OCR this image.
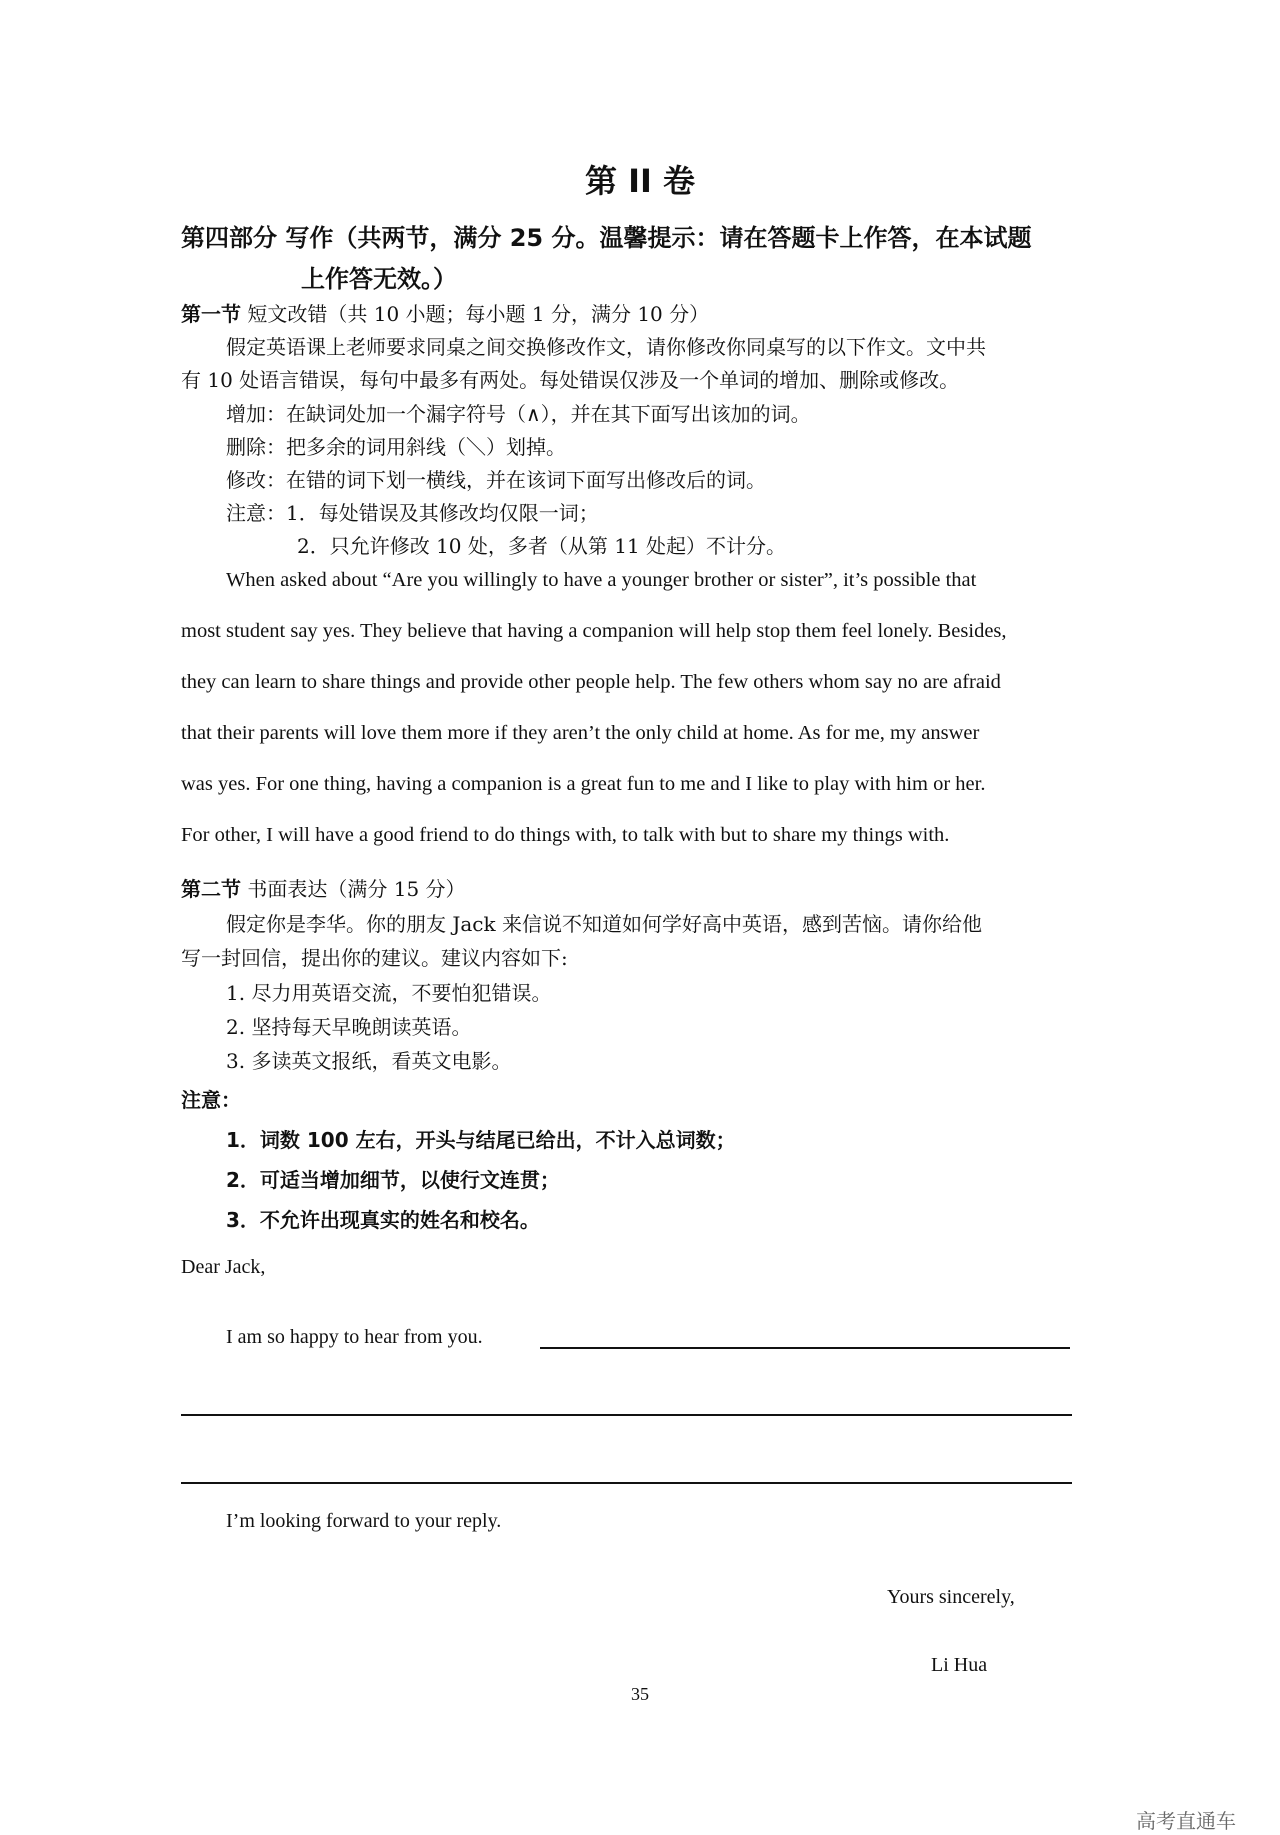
第 II 卷
第四部分 写作（共两节，满分 25 分。温馨提示：请在答题卡上作答，在本试题
上作答无效。）
第一节 短文改错（共 10 小题；每小题 1 分，满分 10 分）
假定英语课上老师要求同桌之间交换修改作文，请你修改你同桌写的以下作文。文中共
有 10 处语言错误，每句中最多有两处。每处错误仅涉及一个单词的增加、删除或修改。
增加：在缺词处加一个漏字符号（∧），并在其下面写出该加的词。
删除：把多余的词用斜线（＼）划掉。
修改：在错的词下划一横线，并在该词下面写出修改后的词。
注意：1．每处错误及其修改均仅限一词；
2．只允许修改 10 处，多者（从第 11 处起）不计分。
When asked about “Are you willingly to have a younger brother or sister”, it’s possible that
most student say yes. They believe that having a companion will help stop them feel lonely. Besides,
they can learn to share things and provide other people help. The few others whom say no are afraid
that their parents will love them more if they aren’t the only child at home. As for me, my answer
was yes. For one thing, having a companion is a great fun to me and I like to play with him or her.
For other, I will have a good friend to do things with, to talk with but to share my things with.
第二节 书面表达（满分 15 分）
假定你是李华。你的朋友 Jack 来信说不知道如何学好高中英语，感到苦恼。请你给他
写一封回信，提出你的建议。建议内容如下:
1. 尽力用英语交流，不要怕犯错误。
2. 坚持每天早晚朗读英语。
3. 多读英文报纸，看英文电影。
注意：
1．词数 100 左右，开头与结尾已给出，不计入总词数；
2．可适当增加细节，以使行文连贯；
3．不允许出现真实的姓名和校名。
Dear Jack,
I am so happy to hear from you.
I’m looking forward to your reply.
Yours sincerely,
Li Hua
35
高考直通车
